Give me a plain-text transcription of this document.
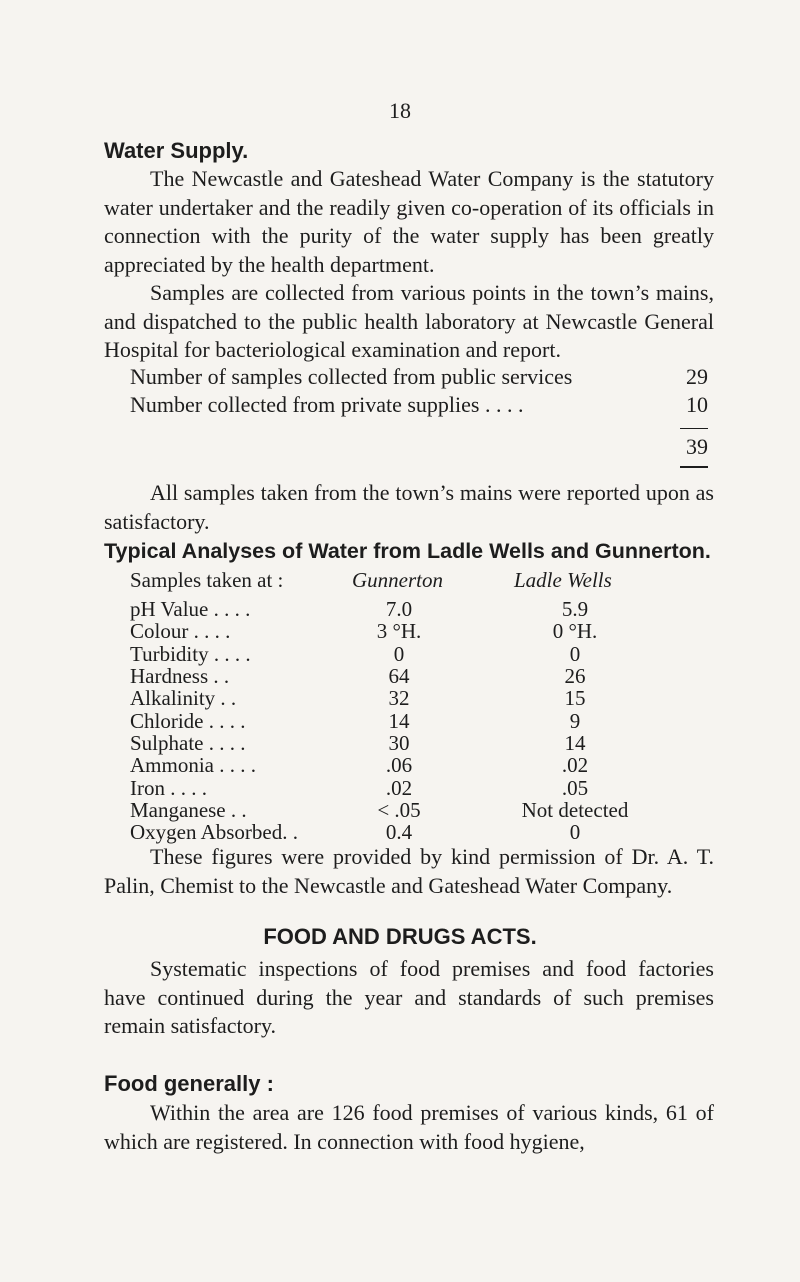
18
Water Supply.

The Newcastle and Gateshead Water Company is the statutory water undertaker and the readily given co-operation of its officials in connection with the purity of the water supply has been greatly appreciated by the health department.

Samples are collected from various points in the town’s mains, and dispatched to the public health laboratory at Newcastle General Hospital for bacteriological examination and report.

Number of samples collected from public services	29
Number collected from private supplies . . . .	10
39

All samples taken from the town’s mains were reported upon as satisfactory.

Typical Analyses of Water from Ladle Wells and Gunnerton.
Samples taken at :	Gunnerton	Ladle Wells
pH Value . . . .	7.0	5.9
Colour . . . .	3 °H.	0 °H.
Turbidity . . . .	0	0
Hardness . .	64	26
Alkalinity . .	32	15
Chloride . . . .	14	9
Sulphate . . . .	30	14
Ammonia . . . .	.06	.02
Iron . . . .	.02	.05
Manganese . .	< .05	Not detected
Oxygen Absorbed. .	0.4	0

These figures were provided by kind permission of Dr. A. T. Palin, Chemist to the Newcastle and Gateshead Water Company.

FOOD AND DRUGS ACTS.

Systematic inspections of food premises and food factories have continued during the year and standards of such premises remain satisfactory.

Food generally :

Within the area are 126 food premises of various kinds, 61 of which are registered. In connection with food hygiene,
